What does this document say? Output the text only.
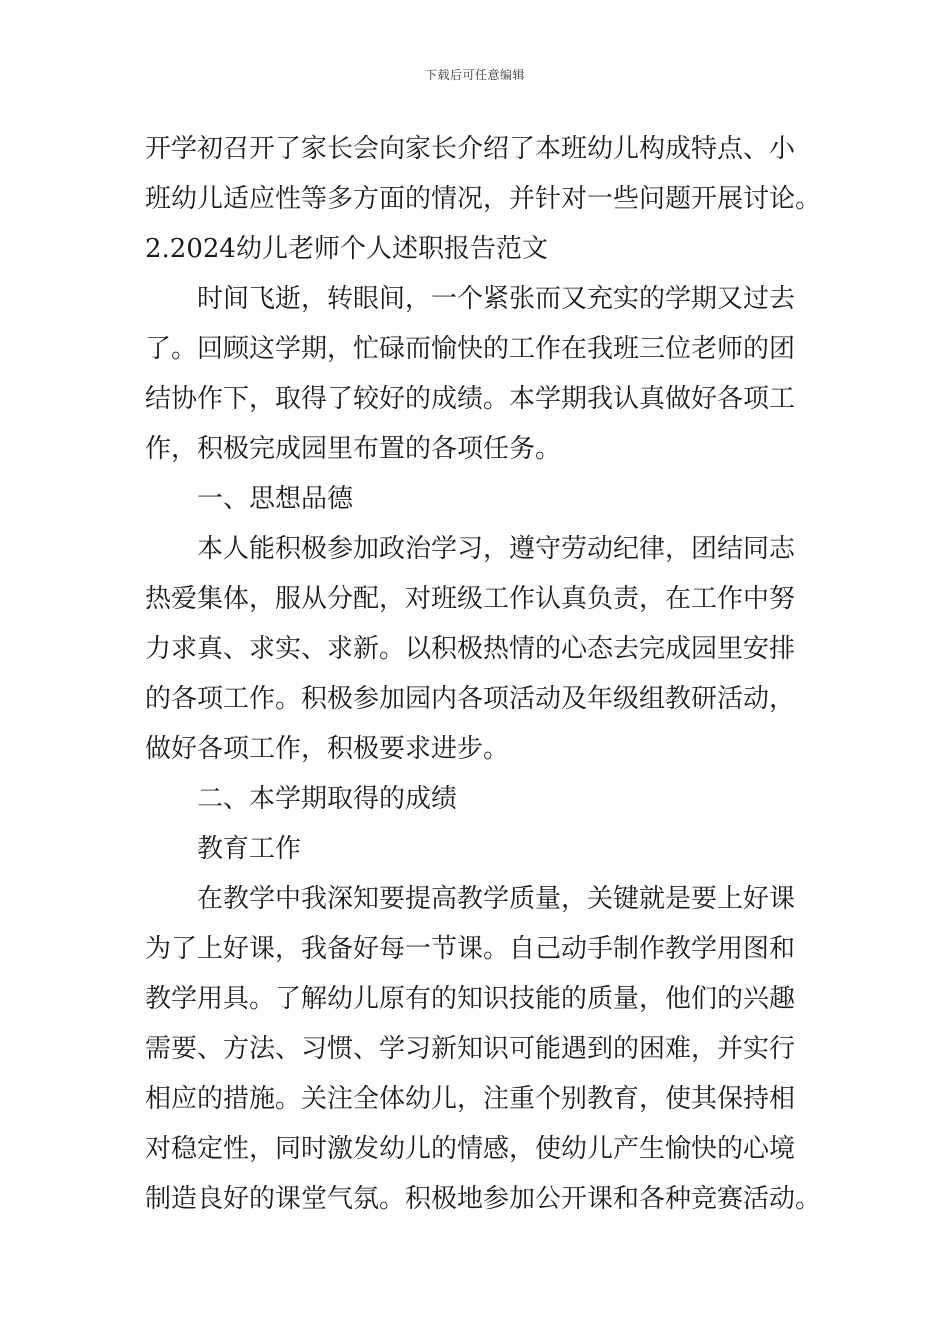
下载后可任意编辑
开学初召开了家长会向家长介绍了本班幼儿构成特点、小
班幼儿适应性等多方面的情况，并针对一些问题开展讨论。
2.2024幼儿老师个人述职报告范文
时间飞逝，转眼间，一个紧张而又充实的学期又过去
了。回顾这学期，忙碌而愉快的工作在我班三位老师的团
结协作下，取得了较好的成绩。本学期我认真做好各项工
作，积极完成园里布置的各项任务。
一、思想品德
本人能积极参加政治学习，遵守劳动纪律，团结同志
热爱集体，服从分配，对班级工作认真负责，在工作中努
力求真、求实、求新。以积极热情的心态去完成园里安排
的各项工作。积极参加园内各项活动及年级组教研活动，
做好各项工作，积极要求进步。
二、本学期取得的成绩
教育工作
在教学中我深知要提高教学质量，关键就是要上好课
为了上好课，我备好每一节课。自己动手制作教学用图和
教学用具。了解幼儿原有的知识技能的质量，他们的兴趣
需要、方法、习惯、学习新知识可能遇到的困难，并实行
相应的措施。关注全体幼儿，注重个别教育，使其保持相
对稳定性，同时激发幼儿的情感，使幼儿产生愉快的心境
制造良好的课堂气氛。积极地参加公开课和各种竞赛活动。
